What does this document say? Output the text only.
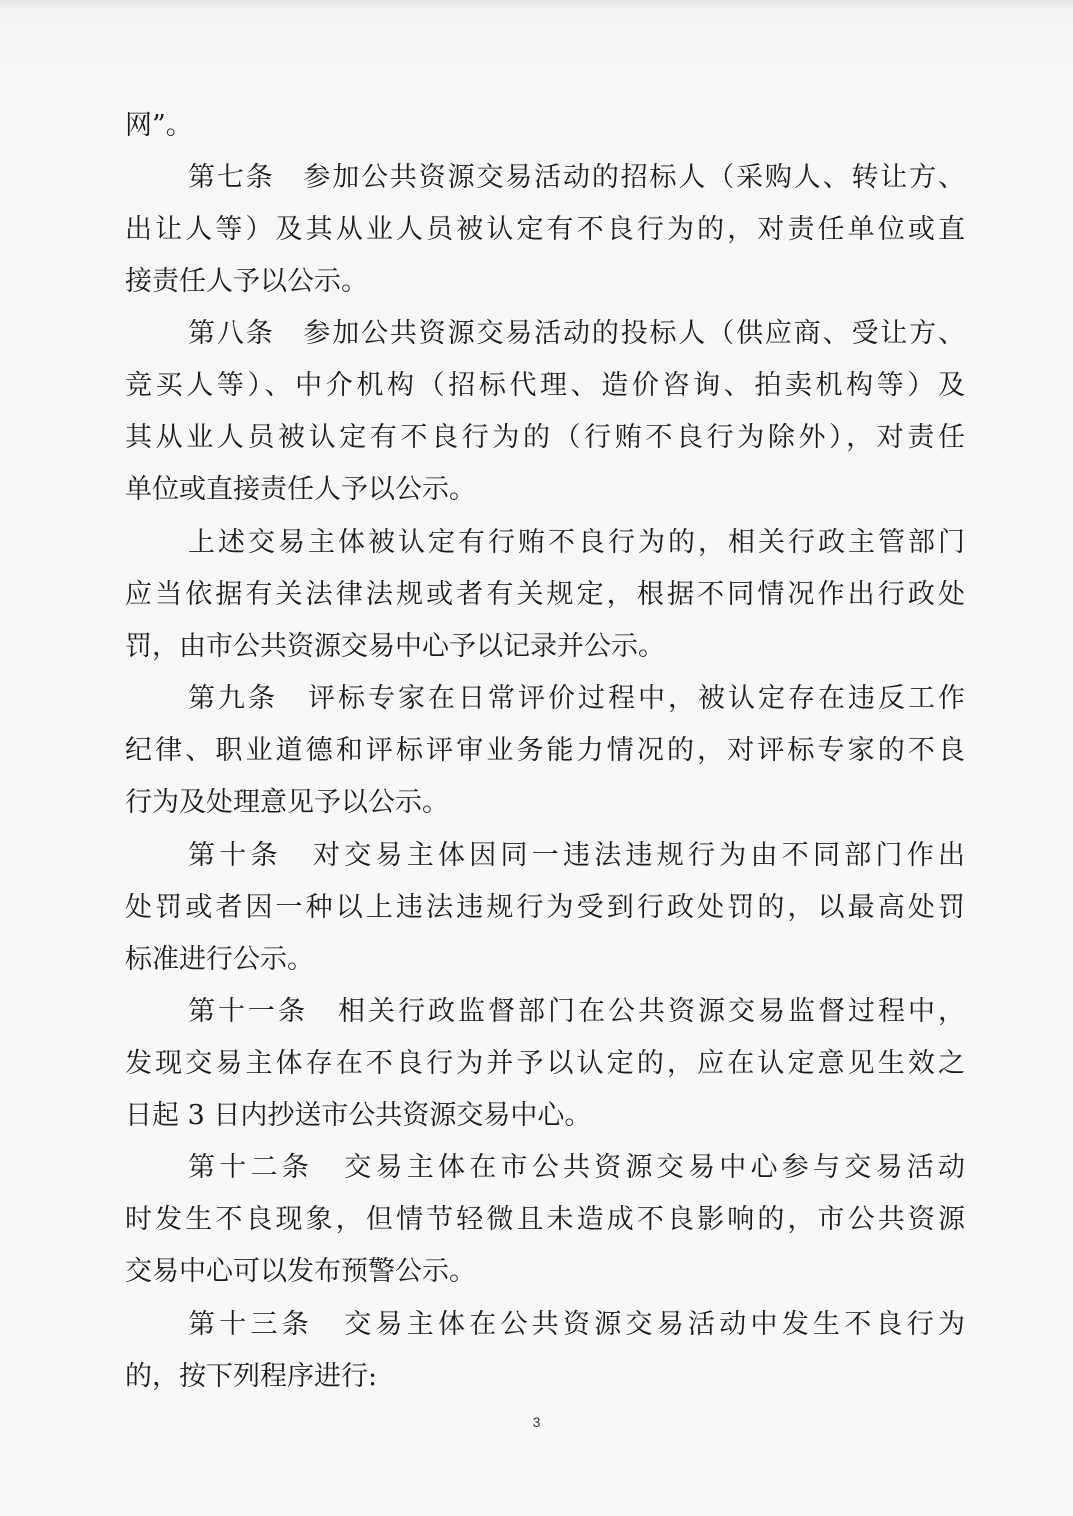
网”。
第七条　参加公共资源交易活动的招标人（采购人、转让方、
出让人等）及其从业人员被认定有不良行为的，对责任单位或直
接责任人予以公示。
第八条　参加公共资源交易活动的投标人（供应商、受让方、
竞买人等）、中介机构（招标代理、造价咨询、拍卖机构等）及
其从业人员被认定有不良行为的（行贿不良行为除外），对责任
单位或直接责任人予以公示。
上述交易主体被认定有行贿不良行为的，相关行政主管部门
应当依据有关法律法规或者有关规定，根据不同情况作出行政处
罚，由市公共资源交易中心予以记录并公示。
第九条　评标专家在日常评价过程中，被认定存在违反工作
纪律、职业道德和评标评审业务能力情况的，对评标专家的不良
行为及处理意见予以公示。
第十条　对交易主体因同一违法违规行为由不同部门作出
处罚或者因一种以上违法违规行为受到行政处罚的，以最高处罚
标准进行公示。
第十一条　相关行政监督部门在公共资源交易监督过程中，
发现交易主体存在不良行为并予以认定的，应在认定意见生效之
日起 3 日内抄送市公共资源交易中心。
第十二条　交易主体在市公共资源交易中心参与交易活动
时发生不良现象，但情节轻微且未造成不良影响的，市公共资源
交易中心可以发布预警公示。
第十三条　交易主体在公共资源交易活动中发生不良行为
的，按下列程序进行:
3
